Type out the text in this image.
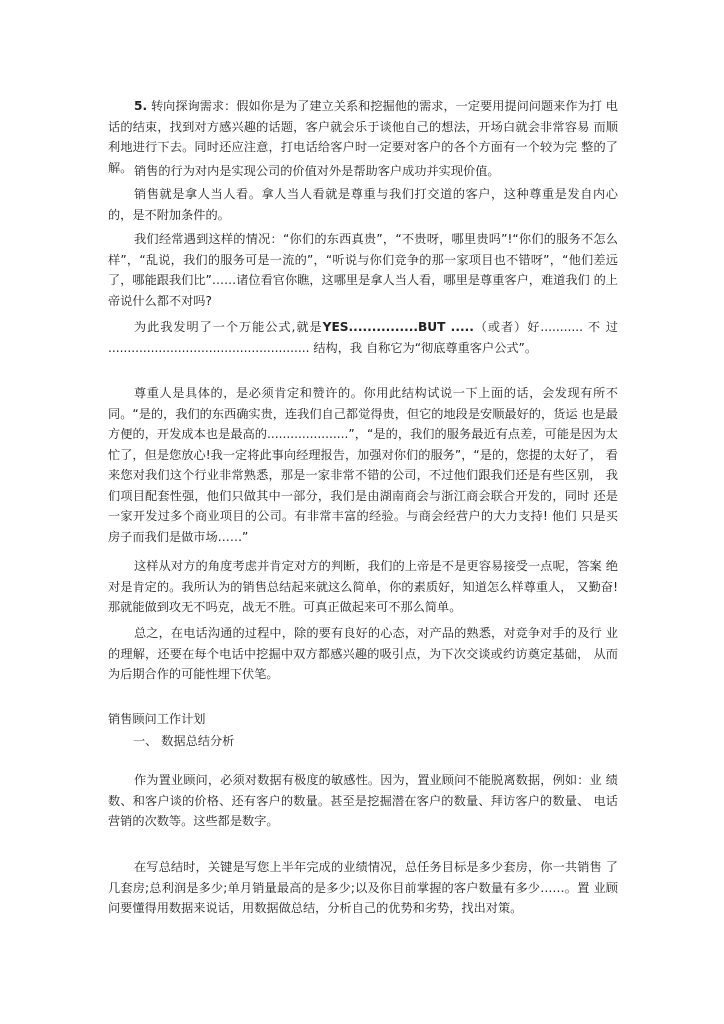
5. 转向探询需求：假如你是为了建立关系和挖掘他的需求，一定要用提问问题来作为打 电话的结束，找到对方感兴趣的话题，客户就会乐于谈他自己的想法，开场白就会非常容易 而顺利地进行下去。同时还应注意，打电话给客户时一定要对客户的各个方面有一个较为完 整的了解。 销售的行为对内是实现公司的价值对外是帮助客户成功并实现价值。

销售就是拿人当人看。拿人当人看就是尊重与我们打交道的客户，这种尊重是发自内心 的，是不附加条件的。

我们经常遇到这样的情况：“你们的东西真贵”，“不贵呀，哪里贵吗”!“你们的服务不怎么样”，“乱说，我们的服务可是一流的”，“听说与你们竞争的那一家项目也不错呀”，“他们差远了，哪能跟我们比”……诸位看官你瞧，这哪里是拿人当人看，哪里是尊重客户，难道我们 的上帝说什么都不对吗?

为此我发明了一个万能公式,就是YES...............BUT .....（或者）好........... 不 过 .................................................... 结构，我 自称它为“彻底尊重客户公式”。

尊重人是具体的，是必须肯定和赞许的。你用此结构试说一下上面的话，会发现有所不 同。“是的，我们的东西确实贵，连我们自己都觉得贵，但它的地段是安顺最好的，货运 也是最方便的，开发成本也是最高的.....................”，“是的，我们的服务最近有点差，可能是因为太忙了，但是您放心!我一定将此事向经理报告，加强对你们的服务”，“是的，您提的太好了， 看来您对我们这个行业非常熟悉，那是一家非常不错的公司，不过他们跟我们还是有些区别， 我们项目配套性强，他们只做其中一部分，我们是由湖南商会与浙江商会联合开发的，同时 还是一家开发过多个商业项目的公司。有非常丰富的经验。与商会经营户的大力支持! 他们 只是买房子而我们是做市场……”

这样从对方的角度考虑并肯定对方的判断，我们的上帝是不是更容易接受一点呢，答案 绝对是肯定的。我所认为的销售总结起来就这么简单，你的素质好，知道怎么样尊重人， 又勤奋!那就能做到攻无不吗克，战无不胜。可真正做起来可不那么简单。

总之，在电话沟通的过程中，除的要有良好的心态，对产品的熟悉，对竞争对手的及行 业的理解，还要在每个电话中挖掘中双方都感兴趣的吸引点，为下次交谈或约访奠定基础， 从而为后期合作的可能性埋下伏笔。

销售顾问工作计划
一、 数据总结分析

作为置业顾问，必须对数据有极度的敏感性。因为，置业顾问不能脱离数据，例如：业 绩数、和客户谈的价格、还有客户的数量。甚至是挖掘潜在客户的数量、拜访客户的数量、 电话营销的次数等。这些都是数字。

在写总结时，关键是写您上半年完成的业绩情况，总任务目标是多少套房，你一共销售 了几套房;总利润是多少;单月销量最高的是多少;以及你目前掌握的客户数量有多少……。置 业顾问要懂得用数据来说话，用数据做总结，分析自己的优势和劣势，找出对策。
